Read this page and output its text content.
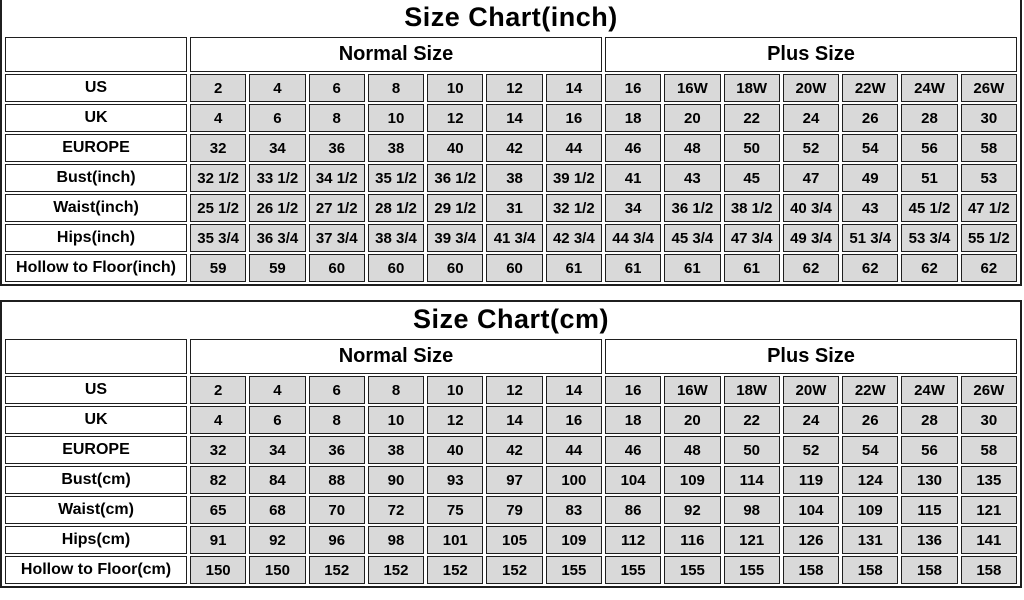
Size Chart(inch)
	Normal Size							Plus Size						
US	2	4	6	8	10	12	14	16	16W	18W	20W	22W	24W	26W
UK	4	6	8	10	12	14	16	18	20	22	24	26	28	30
EUROPE	32	34	36	38	40	42	44	46	48	50	52	54	56	58
Bust(inch)	32 1/2	33 1/2	34 1/2	35 1/2	36 1/2	38	39 1/2	41	43	45	47	49	51	53
Waist(inch)	25 1/2	26 1/2	27 1/2	28 1/2	29 1/2	31	32 1/2	34	36 1/2	38 1/2	40 3/4	43	45 1/2	47 1/2
Hips(inch)	35 3/4	36 3/4	37 3/4	38 3/4	39 3/4	41 3/4	42 3/4	44 3/4	45 3/4	47 3/4	49 3/4	51 3/4	53 3/4	55 1/2
Hollow to Floor(inch)	59	59	60	60	60	60	61	61	61	61	62	62	62	62
Size Chart(cm)
	Normal Size							Plus Size						
US	2	4	6	8	10	12	14	16	16W	18W	20W	22W	24W	26W
UK	4	6	8	10	12	14	16	18	20	22	24	26	28	30
EUROPE	32	34	36	38	40	42	44	46	48	50	52	54	56	58
Bust(cm)	82	84	88	90	93	97	100	104	109	114	119	124	130	135
Waist(cm)	65	68	70	72	75	79	83	86	92	98	104	109	115	121
Hips(cm)	91	92	96	98	101	105	109	112	116	121	126	131	136	141
Hollow to Floor(cm)	150	150	152	152	152	152	155	155	155	155	158	158	158	158
